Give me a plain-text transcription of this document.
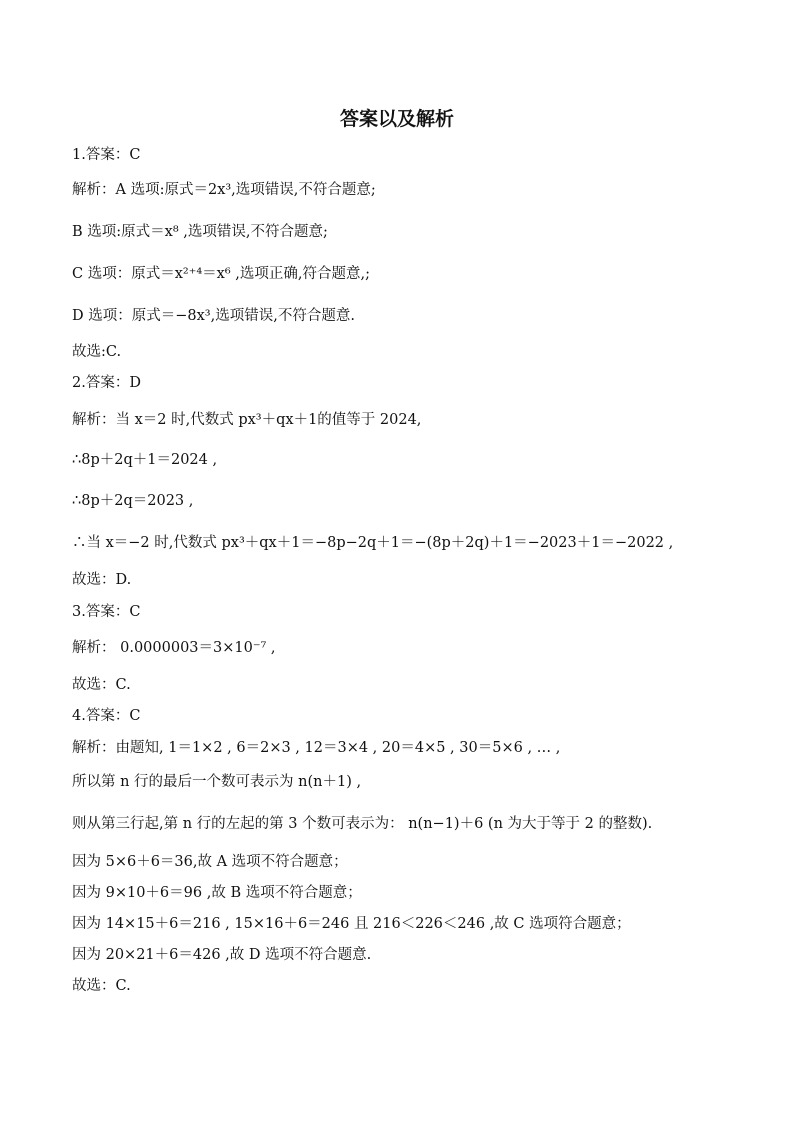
答案以及解析
1.答案：C
解析：A 选项:原式＝2x³,选项错误,不符合题意;
B 选项:原式＝x⁸ ,选项错误,不符合题意;
C 选项：原式＝x²⁺⁴＝x⁶ ,选项正确,符合题意,;
D 选项：原式＝−8x³,选项错误,不符合题意.
故选:C.
2.答案：D
解析：当 x＝2 时,代数式 px³＋qx＋1的值等于 2024,
∴8p＋2q＋1＝2024 ,
∴8p＋2q＝2023 ,
∴当 x＝−2 时,代数式 px³＋qx＋1＝−8p−2q＋1＝−(8p＋2q)＋1＝−2023＋1＝−2022 ,
故选：D.
3.答案：C
解析： 0.0000003＝3×10⁻⁷ ,
故选：C.
4.答案：C
解析：由题知, 1＝1×2 , 6＝2×3 , 12＝3×4 , 20＝4×5 , 30＝5×6 , … ,
所以第 n 行的最后一个数可表示为 n(n＋1) ,
则从第三行起,第 n 行的左起的第 3 个数可表示为： n(n−1)＋6 (n 为大于等于 2 的整数).
因为 5×6＋6＝36,故 A 选项不符合题意；
因为 9×10＋6＝96 ,故 B 选项不符合题意；
因为 14×15＋6＝216 , 15×16＋6＝246 且 216＜226＜246 ,故 C 选项符合题意；
因为 20×21＋6＝426 ,故 D 选项不符合题意.
故选：C.
